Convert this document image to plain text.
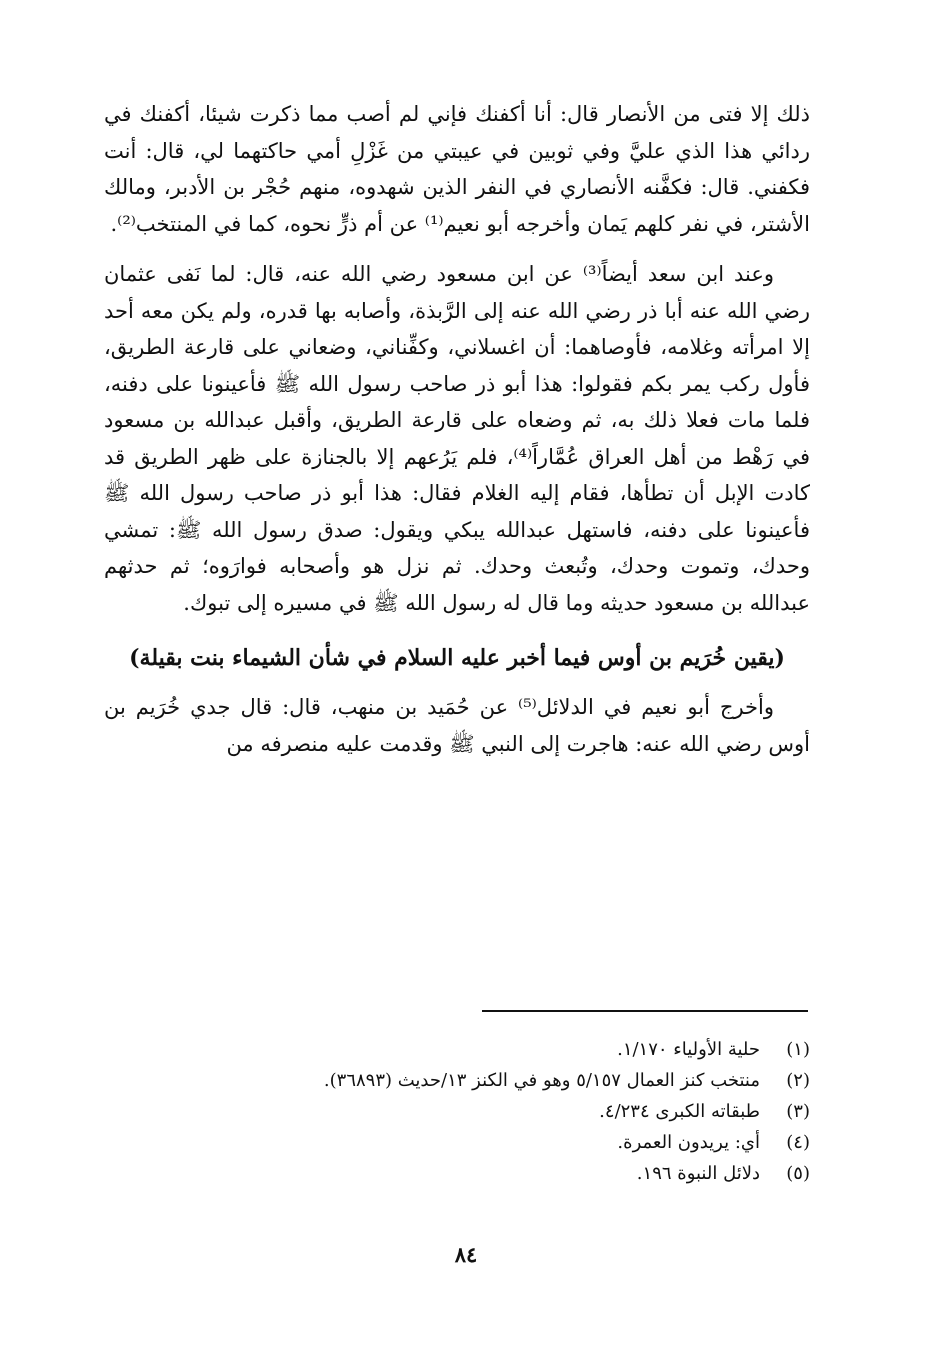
ذلك إلا فتى من الأنصار قال: أنا أكفنك فإني لم أصب مما ذكرت شيئا، أكفنك في ردائي هذا الذي عليَّ وفي ثوبين في عيبتي من غَزْلِ أمي حاكتهما لي، قال: أنت فكفني. قال: فكفَّنه الأنصاري في النفر الذين شهدوه، منهم حُجْر بن الأدبر، ومالك الأشتر، في نفر كلهم يَمان وأخرجه أبو نعيم⁽¹⁾ عن أم ذرٍّ نحوه، كما في المنتخب⁽²⁾.

وعند ابن سعد أيضاً⁽³⁾ عن ابن مسعود رضي الله عنه، قال: لما نَفى عثمان رضي الله عنه أبا ذر رضي الله عنه إلى الرَّبذة، وأصابه بها قدره، ولم يكن معه أحد إلا امرأته وغلامه، فأوصاهما: أن اغسلاني، وكفِّناني، وضعاني على قارعة الطريق، فأول ركب يمر بكم فقولوا: هذا أبو ذر صاحب رسول الله ﷺ فأعينونا على دفنه، فلما مات فعلا ذلك به، ثم وضعاه على قارعة الطريق، وأقبل عبدالله بن مسعود في رَهْط من أهل العراق عُمَّاراً⁽⁴⁾، فلم يَرُعهم إلا بالجنازة على ظهر الطريق قد كادت الإبل أن تطأها، فقام إليه الغلام فقال: هذا أبو ذر صاحب رسول الله ﷺ فأعينونا على دفنه، فاستهل عبدالله يبكي ويقول: صدق رسول الله ﷺ: تمشي وحدك، وتموت وحدك، وتُبعث وحدك. ثم نزل هو وأصحابه فوارَوه؛ ثم حدثهم عبدالله بن مسعود حديثه وما قال له رسول الله ﷺ في مسيره إلى تبوك.

(يقين خُرَيم بن أوس فيما أخبر عليه السلام في شأن الشيماء بنت بقيلة)

وأخرج أبو نعيم في الدلائل⁽⁵⁾ عن حُمَيد بن منهب، قال: قال جدي خُرَيم بن أوس رضي الله عنه: هاجرت إلى النبي ﷺ وقدمت عليه منصرفه من

(١)
حلية الأولياء ١/١٧٠.
(٢)
منتخب كنز العمال ٥/١٥٧ وهو في الكنز ١٣/حديث (٣٦٨٩٣).
(٣)
طبقاته الكبرى ٤/٢٣٤.
(٤)
أي: يريدون العمرة.
(٥)
دلائل النبوة ١٩٦.
٨٤
